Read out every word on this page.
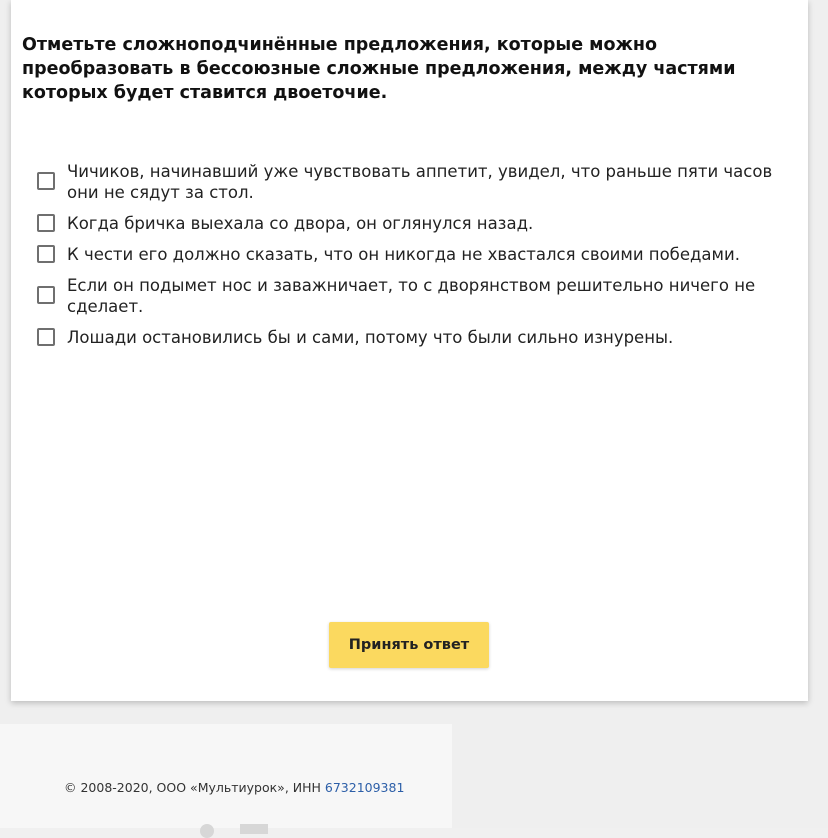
Отметьте сложноподчинённые предложения, которые можно преобразовать в бессоюзные сложные предложения, между частями которых будет ставится двоеточие.
Чичиков, начинавший уже чувствовать аппетит, увидел, что раньше пяти часов они не сядут за стол.
Когда бричка выехала со двора, он оглянулся назад.
К чести его должно сказать, что он никогда не хвастался своими победами.
Если он подымет нос и заважничает, то с дворянством решительно ничего не сделает.
Лошади остановились бы и сами, потому что были сильно изнурены.
Принять ответ
© 2008-2020, ООО «Мультиурок», ИНН 6732109381
